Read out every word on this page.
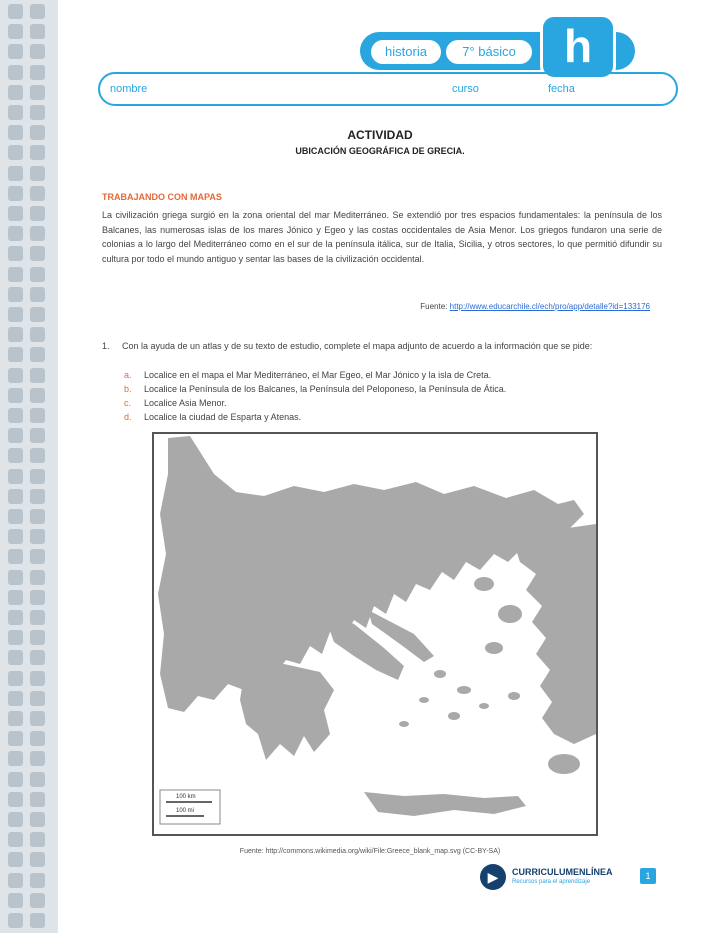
historia	7° básico	h
nombre	curso	fecha
ACTIVIDAD
UBICACIÓN GEOGRÁFICA DE GRECIA.
TRABAJANDO CON MAPAS
La civilización griega surgió en la zona oriental del mar Mediterráneo. Se extendió por tres espacios fundamentales: la península de los Balcanes, las numerosas islas de los mares Jónico y Egeo y las costas occidentales de Asia Menor. Los griegos fundaron una serie de colonias a lo largo del Mediterráneo como en el sur de la península itálica, sur de Italia, Sicilia, y otros sectores, lo que permitió difundir su cultura por todo el mundo antiguo y sentar las bases de la civilización occidental.
Fuente: http://www.educarchile.cl/ech/pro/app/detalle?id=133176
1. Con la ayuda de un atlas y de su texto de estudio, complete el mapa adjunto de acuerdo a la información que se pide:
a. Localice en el mapa el Mar Mediterráneo, el Mar Egeo, el Mar Jónico y la isla de Creta.
b. Localice la Península de los Balcanes, la Península del Peloponeso, la Península de Ática.
c. Localice Asia Menor.
d. Localice la ciudad de Esparta y Atenas.
100 km
100 mi
Fuente: http://commons.wikimedia.org/wiki/File:Greece_blank_map.svg (CC-BY-SA)
▶	CURRICULUMENLÍNEA
Recursos para el aprendizaje
1
